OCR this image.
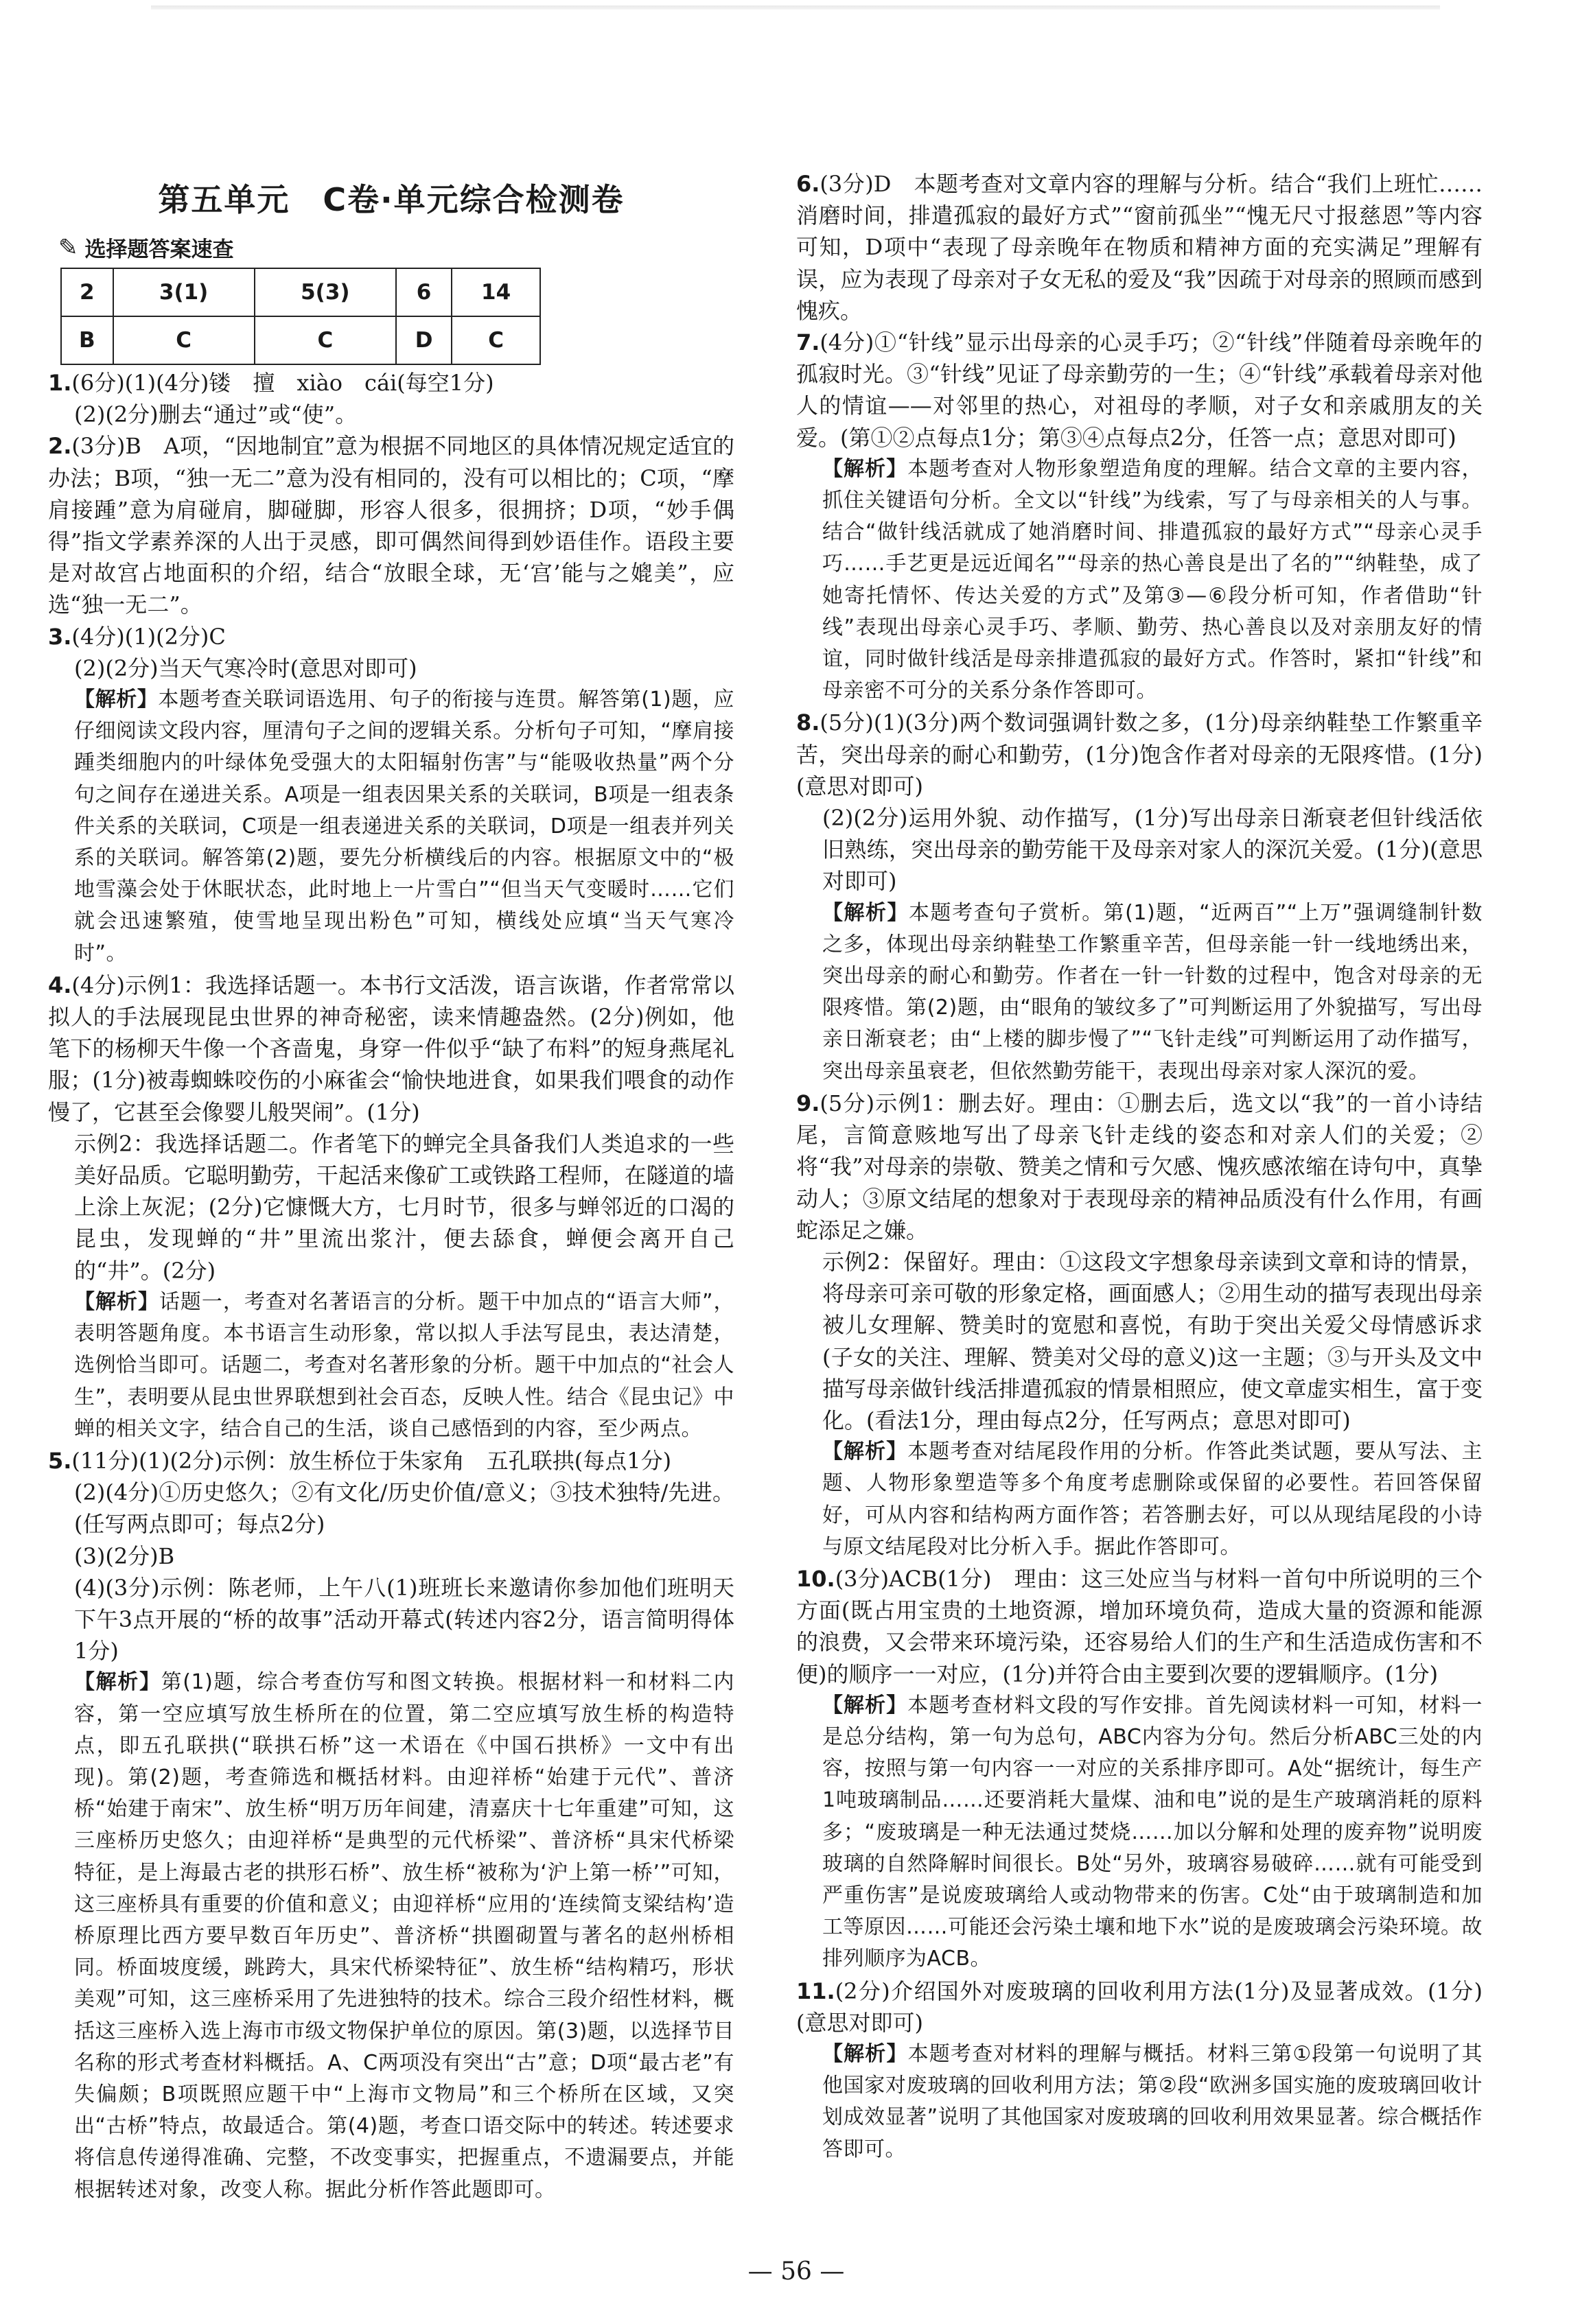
第五单元　C卷·单元综合检测卷
✎ 选择题答案速查
2	3(1)	5(3)	6	14
B	C	C	D	C

1.(6分)(1)(4分)镂　擅　xiào　cái(每空1分)

(2)(2分)删去“通过”或“使”。

2.(3分)B　A项，“因地制宜”意为根据不同地区的具体情况规定适宜的办法；B项，“独一无二”意为没有相同的，没有可以相比的；C项，“摩肩接踵”意为肩碰肩，脚碰脚，形容人很多，很拥挤；D项，“妙手偶得”指文学素养深的人出于灵感，即可偶然间得到妙语佳作。语段主要是对故宫占地面积的介绍，结合“放眼全球，无‘宫’能与之媲美”，应选“独一无二”。

3.(4分)(1)(2分)C

(2)(2分)当天气寒冷时(意思对即可)

【解析】本题考查关联词语选用、句子的衔接与连贯。解答第(1)题，应仔细阅读文段内容，厘清句子之间的逻辑关系。分析句子可知，“摩肩接踵类细胞内的叶绿体免受强大的太阳辐射伤害”与“能吸收热量”两个分句之间存在递进关系。A项是一组表因果关系的关联词，B项是一组表条件关系的关联词，C项是一组表递进关系的关联词，D项是一组表并列关系的关联词。解答第(2)题，要先分析横线后的内容。根据原文中的“极地雪藻会处于休眠状态，此时地上一片雪白”“但当天气变暖时……它们就会迅速繁殖，使雪地呈现出粉色”可知，横线处应填“当天气寒冷时”。

4.(4分)示例1：我选择话题一。本书行文活泼，语言诙谐，作者常常以拟人的手法展现昆虫世界的神奇秘密，读来情趣盎然。(2分)例如，他笔下的杨柳天牛像一个吝啬鬼，身穿一件似乎“缺了布料”的短身燕尾礼服；(1分)被毒蜘蛛咬伤的小麻雀会“愉快地进食，如果我们喂食的动作慢了，它甚至会像婴儿般哭闹”。(1分)

示例2：我选择话题二。作者笔下的蝉完全具备我们人类追求的一些美好品质。它聪明勤劳，干起活来像矿工或铁路工程师，在隧道的墙上涂上灰泥；(2分)它慷慨大方，七月时节，很多与蝉邻近的口渴的昆虫，发现蝉的“井”里流出浆汁，便去舔食，蝉便会离开自己的“井”。(2分)

【解析】话题一，考查对名著语言的分析。题干中加点的“语言大师”，表明答题角度。本书语言生动形象，常以拟人手法写昆虫，表达清楚，选例恰当即可。话题二，考查对名著形象的分析。题干中加点的“社会人生”，表明要从昆虫世界联想到社会百态，反映人性。结合《昆虫记》中蝉的相关文字，结合自己的生活，谈自己感悟到的内容，至少两点。

5.(11分)(1)(2分)示例：放生桥位于朱家角　五孔联拱(每点1分)

(2)(4分)①历史悠久；②有文化/历史价值/意义；③技术独特/先进。(任写两点即可；每点2分)

(3)(2分)B

(4)(3分)示例：陈老师，上午八(1)班班长来邀请你参加他们班明天下午3点开展的“桥的故事”活动开幕式(转述内容2分，语言简明得体1分)

【解析】第(1)题，综合考查仿写和图文转换。根据材料一和材料二内容，第一空应填写放生桥所在的位置，第二空应填写放生桥的构造特点，即五孔联拱(“联拱石桥”这一术语在《中国石拱桥》一文中有出现)。第(2)题，考查筛选和概括材料。由迎祥桥“始建于元代”、普济桥“始建于南宋”、放生桥“明万历年间建，清嘉庆十七年重建”可知，这三座桥历史悠久；由迎祥桥“是典型的元代桥梁”、普济桥“具宋代桥梁特征，是上海最古老的拱形石桥”、放生桥“被称为‘沪上第一桥’”可知，这三座桥具有重要的价值和意义；由迎祥桥“应用的‘连续简支梁结构’造桥原理比西方要早数百年历史”、普济桥“拱圈砌置与著名的赵州桥相同。桥面坡度缓，跳跨大，具宋代桥梁特征”、放生桥“结构精巧，形状美观”可知，这三座桥采用了先进独特的技术。综合三段介绍性材料，概括这三座桥入选上海市市级文物保护单位的原因。第(3)题，以选择节目名称的形式考查材料概括。A、C两项没有突出“古”意；D项“最古老”有失偏颇；B项既照应题干中“上海市文物局”和三个桥所在区域，又突出“古桥”特点，故最适合。第(4)题，考查口语交际中的转述。转述要求将信息传递得准确、完整，不改变事实，把握重点，不遗漏要点，并能根据转述对象，改变人称。据此分析作答此题即可。

6.(3分)D　本题考查对文章内容的理解与分析。结合“我们上班忙……消磨时间，排遣孤寂的最好方式”“窗前孤坐”“愧无尺寸报慈恩”等内容可知，D项中“表现了母亲晚年在物质和精神方面的充实满足”理解有误，应为表现了母亲对子女无私的爱及“我”因疏于对母亲的照顾而感到愧疚。

7.(4分)①“针线”显示出母亲的心灵手巧；②“针线”伴随着母亲晚年的孤寂时光。③“针线”见证了母亲勤劳的一生；④“针线”承载着母亲对他人的情谊——对邻里的热心，对祖母的孝顺，对子女和亲戚朋友的关爱。(第①②点每点1分；第③④点每点2分，任答一点；意思对即可)

【解析】本题考查对人物形象塑造角度的理解。结合文章的主要内容，抓住关键语句分析。全文以“针线”为线索，写了与母亲相关的人与事。结合“做针线活就成了她消磨时间、排遣孤寂的最好方式”“母亲心灵手巧……手艺更是远近闻名”“母亲的热心善良是出了名的”“纳鞋垫，成了她寄托情怀、传达关爱的方式”及第③—⑥段分析可知，作者借助“针线”表现出母亲心灵手巧、孝顺、勤劳、热心善良以及对亲朋友好的情谊，同时做针线活是母亲排遣孤寂的最好方式。作答时，紧扣“针线”和母亲密不可分的关系分条作答即可。

8.(5分)(1)(3分)两个数词强调针数之多，(1分)母亲纳鞋垫工作繁重辛苦，突出母亲的耐心和勤劳，(1分)饱含作者对母亲的无限疼惜。(1分)(意思对即可)

(2)(2分)运用外貌、动作描写，(1分)写出母亲日渐衰老但针线活依旧熟练，突出母亲的勤劳能干及母亲对家人的深沉关爱。(1分)(意思对即可)

【解析】本题考查句子赏析。第(1)题，“近两百”“上万”强调缝制针数之多，体现出母亲纳鞋垫工作繁重辛苦，但母亲能一针一线地绣出来，突出母亲的耐心和勤劳。作者在一针一针数的过程中，饱含对母亲的无限疼惜。第(2)题，由“眼角的皱纹多了”可判断运用了外貌描写，写出母亲日渐衰老；由“上楼的脚步慢了”“飞针走线”可判断运用了动作描写，突出母亲虽衰老，但依然勤劳能干，表现出母亲对家人深沉的爱。

9.(5分)示例1：删去好。理由：①删去后，选文以“我”的一首小诗结尾，言简意赅地写出了母亲飞针走线的姿态和对亲人们的关爱；②将“我”对母亲的崇敬、赞美之情和亏欠感、愧疚感浓缩在诗句中，真挚动人；③原文结尾的想象对于表现母亲的精神品质没有什么作用，有画蛇添足之嫌。

示例2：保留好。理由：①这段文字想象母亲读到文章和诗的情景，将母亲可亲可敬的形象定格，画面感人；②用生动的描写表现出母亲被儿女理解、赞美时的宽慰和喜悦，有助于突出关爱父母情感诉求(子女的关注、理解、赞美对父母的意义)这一主题；③与开头及文中描写母亲做针线活排遣孤寂的情景相照应，使文章虚实相生，富于变化。(看法1分，理由每点2分，任写两点；意思对即可)

【解析】本题考查对结尾段作用的分析。作答此类试题，要从写法、主题、人物形象塑造等多个角度考虑删除或保留的必要性。若回答保留好，可从内容和结构两方面作答；若答删去好，可以从现结尾段的小诗与原文结尾段对比分析入手。据此作答即可。

10.(3分)ACB(1分)　理由：这三处应当与材料一首句中所说明的三个方面(既占用宝贵的土地资源，增加环境负荷，造成大量的资源和能源的浪费，又会带来环境污染，还容易给人们的生产和生活造成伤害和不便)的顺序一一对应，(1分)并符合由主要到次要的逻辑顺序。(1分)

【解析】本题考查材料文段的写作安排。首先阅读材料一可知，材料一是总分结构，第一句为总句，ABC内容为分句。然后分析ABC三处的内容，按照与第一句内容一一对应的关系排序即可。A处“据统计，每生产1吨玻璃制品……还要消耗大量煤、油和电”说的是生产玻璃消耗的原料多；“废玻璃是一种无法通过焚烧……加以分解和处理的废弃物”说明废玻璃的自然降解时间很长。B处“另外，玻璃容易破碎……就有可能受到严重伤害”是说废玻璃给人或动物带来的伤害。C处“由于玻璃制造和加工等原因……可能还会污染土壤和地下水”说的是废玻璃会污染环境。故排列顺序为ACB。

11.(2分)介绍国外对废玻璃的回收利用方法(1分)及显著成效。(1分)(意思对即可)

【解析】本题考查对材料的理解与概括。材料三第①段第一句说明了其他国家对废玻璃的回收利用方法；第②段“欧洲多国实施的废玻璃回收计划成效显著”说明了其他国家对废玻璃的回收利用效果显著。综合概括作答即可。

— 56 —
